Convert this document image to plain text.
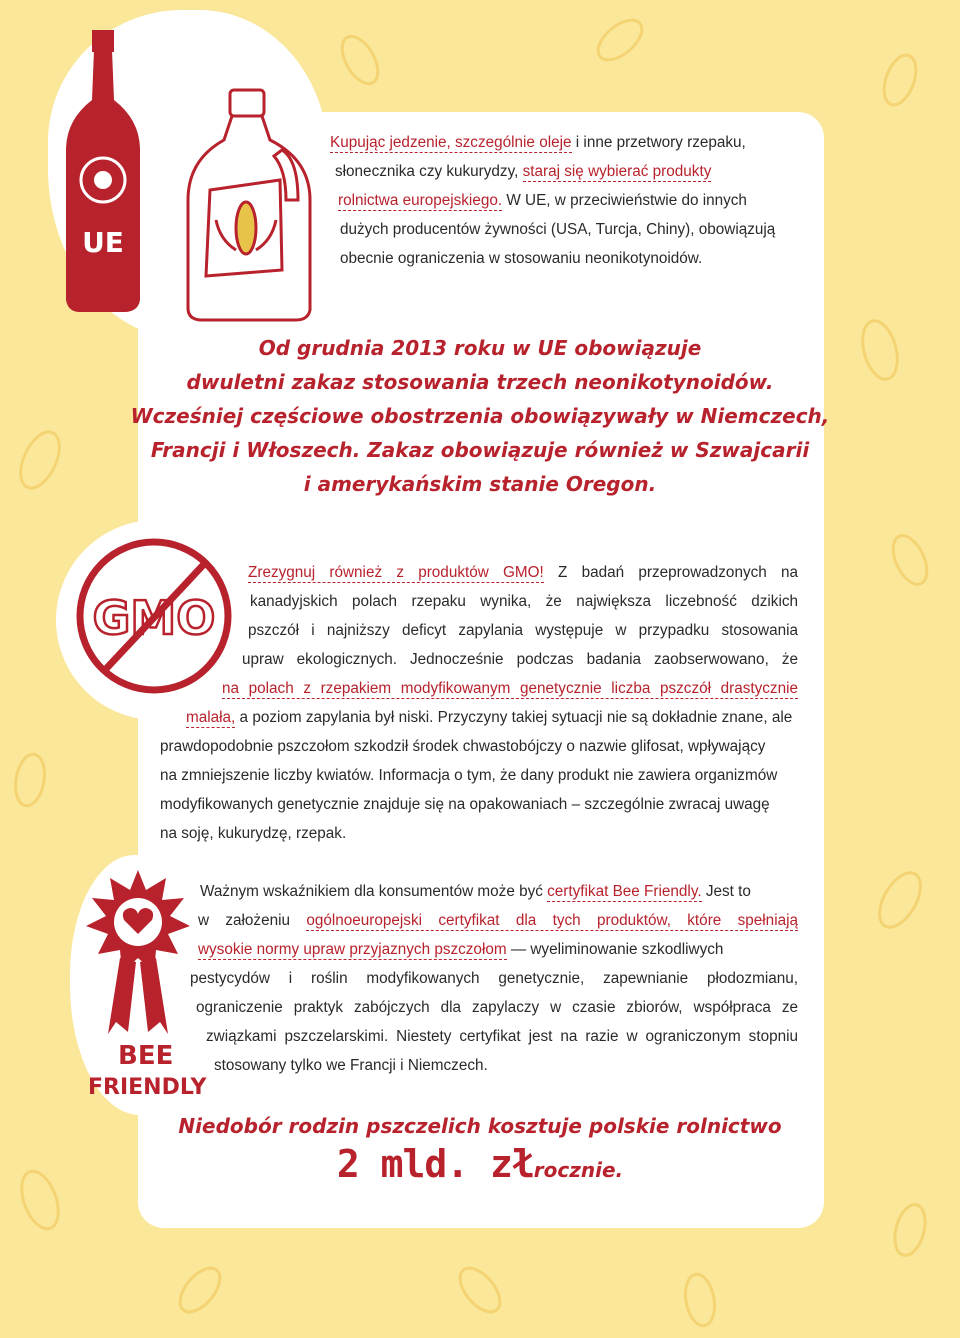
UE
GMO
BEE
FRIENDLY
Kupując jedzenie, szczególnie oleje i inne przetwory rzepaku,
słonecznika czy kukurydzy, staraj się wybierać produkty
rolnictwa europejskiego. W UE, w przeciwieństwie do innych
dużych producentów żywności (USA, Turcja, Chiny), obowiązują
obecnie ograniczenia w stosowaniu neonikotynoidów.
Od grudnia 2013 roku w UE obowiązuje
dwuletni zakaz stosowania trzech neonikotynoidów.
Wcześniej częściowe obostrzenia obowiązywały w Niemczech,
Francji i Włoszech. Zakaz obowiązuje również w Szwajcarii
i amerykańskim stanie Oregon.
Zrezygnuj również z produktów GMO! Z badań przeprowadzonych na
kanadyjskich polach rzepaku wynika, że największa liczebność dzikich
pszczół i najniższy deficyt zapylania występuje w przypadku stosowania
upraw ekologicznych. Jednocześnie podczas badania zaobserwowano, że
na polach z rzepakiem modyfikowanym genetycznie liczba pszczół drastycznie
malała, a poziom zapylania był niski. Przyczyny takiej sytuacji nie są dokładnie znane, ale
prawdopodobnie pszczołom szkodził środek chwastobójczy o nazwie glifosat, wpływający
na zmniejszenie liczby kwiatów. Informacja o tym, że dany produkt nie zawiera organizmów
modyfikowanych genetycznie znajduje się na opakowaniach – szczególnie zwracaj uwagę
na soję, kukurydzę, rzepak.
Ważnym wskaźnikiem dla konsumentów może być certyfikat Bee Friendly. Jest to
w założeniu ogólnoeuropejski certyfikat dla tych produktów, które spełniają
wysokie normy upraw przyjaznych pszczołom — wyeliminowanie szkodliwych
pestycydów i roślin modyfikowanych genetycznie, zapewnianie płodozmianu,
ograniczenie praktyk zabójczych dla zapylaczy w czasie zbiorów, współpraca ze
związkami pszczelarskimi. Niestety certyfikat jest na razie w ograniczonym stopniu
stosowany tylko we Francji i Niemczech.
Niedobór rodzin pszczelich kosztuje polskie rolnictwo
2 mld. złrocznie.
